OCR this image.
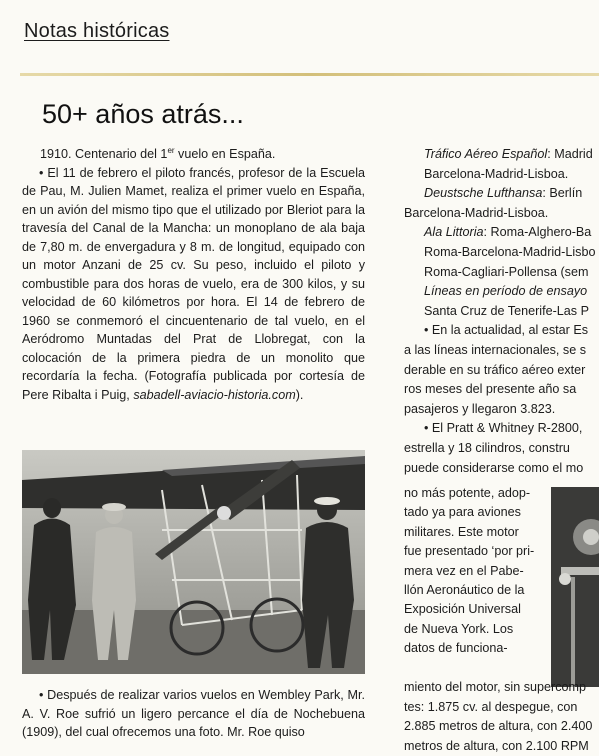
Notas históricas
50+ años atrás...

1910. Centenario del 1er vuelo en España.

• El 11 de febrero el piloto francés, profesor de la Escuela de Pau, M. Julien Mamet, realiza el primer vuelo en España, en un avión del mismo tipo que el utilizado por Bleriot para la travesía del Canal de la Mancha: un monoplano de ala baja de 7,80 m. de envergadura y 8 m. de longitud, equipado con un motor Anzani de 25 cv. Su peso, incluido el piloto y combustible para dos horas de vuelo, era de 300 kilos, y su velocidad de 60 kilómetros por hora. El 14 de febrero de 1960 se conmemoró el cincuentenario de tal vuelo, en el Aeródromo Muntadas del Prat de Llobregat, con la colocación de la primera piedra de un monolito que recordaría la fecha. (Fotografía publicada por cortesía de Pere Ribalta i Puig, sabadell-aviacio-historia.com).

• Después de realizar varios vuelos en Wembley Park, Mr. A. V. Roe sufrió un ligero percance el día de Nochebuena (1909), del cual ofrecemos una foto. Mr. Roe quiso

Tráfico Aéreo Español: Madrid
Barcelona-Madrid-Lisboa.
Deustsche Lufthansa: Berlín
Barcelona-Madrid-Lisboa.
Ala Littoria: Roma-Alghero-Ba
Roma-Barcelona-Madrid-Lisbo
Roma-Cagliari-Pollensa (sem
Líneas en período de ensayo
Santa Cruz de Tenerife-Las P
• En la actualidad, al estar Es
a las líneas internacionales, se s
derable en su tráfico aéreo exter
ros meses del presente año sa
pasajeros y llegaron 3.823.
• El Pratt & Whitney R-2800,
estrella y 18 cilindros, constru
puede considerarse como el mo
no más potente, adop-
tado ya para aviones
militares. Este motor
fue presentado ‘por pri-
mera vez en el Pabe-
llón Aeronáutico de la
Exposición Universal
de Nueva York. Los
datos de funciona-
miento del motor, sin supercomp
tes: 1.875 cv. al despegue, con
2.885 metros de altura, con 2.400
metros de altura, con 2.100 RPM
